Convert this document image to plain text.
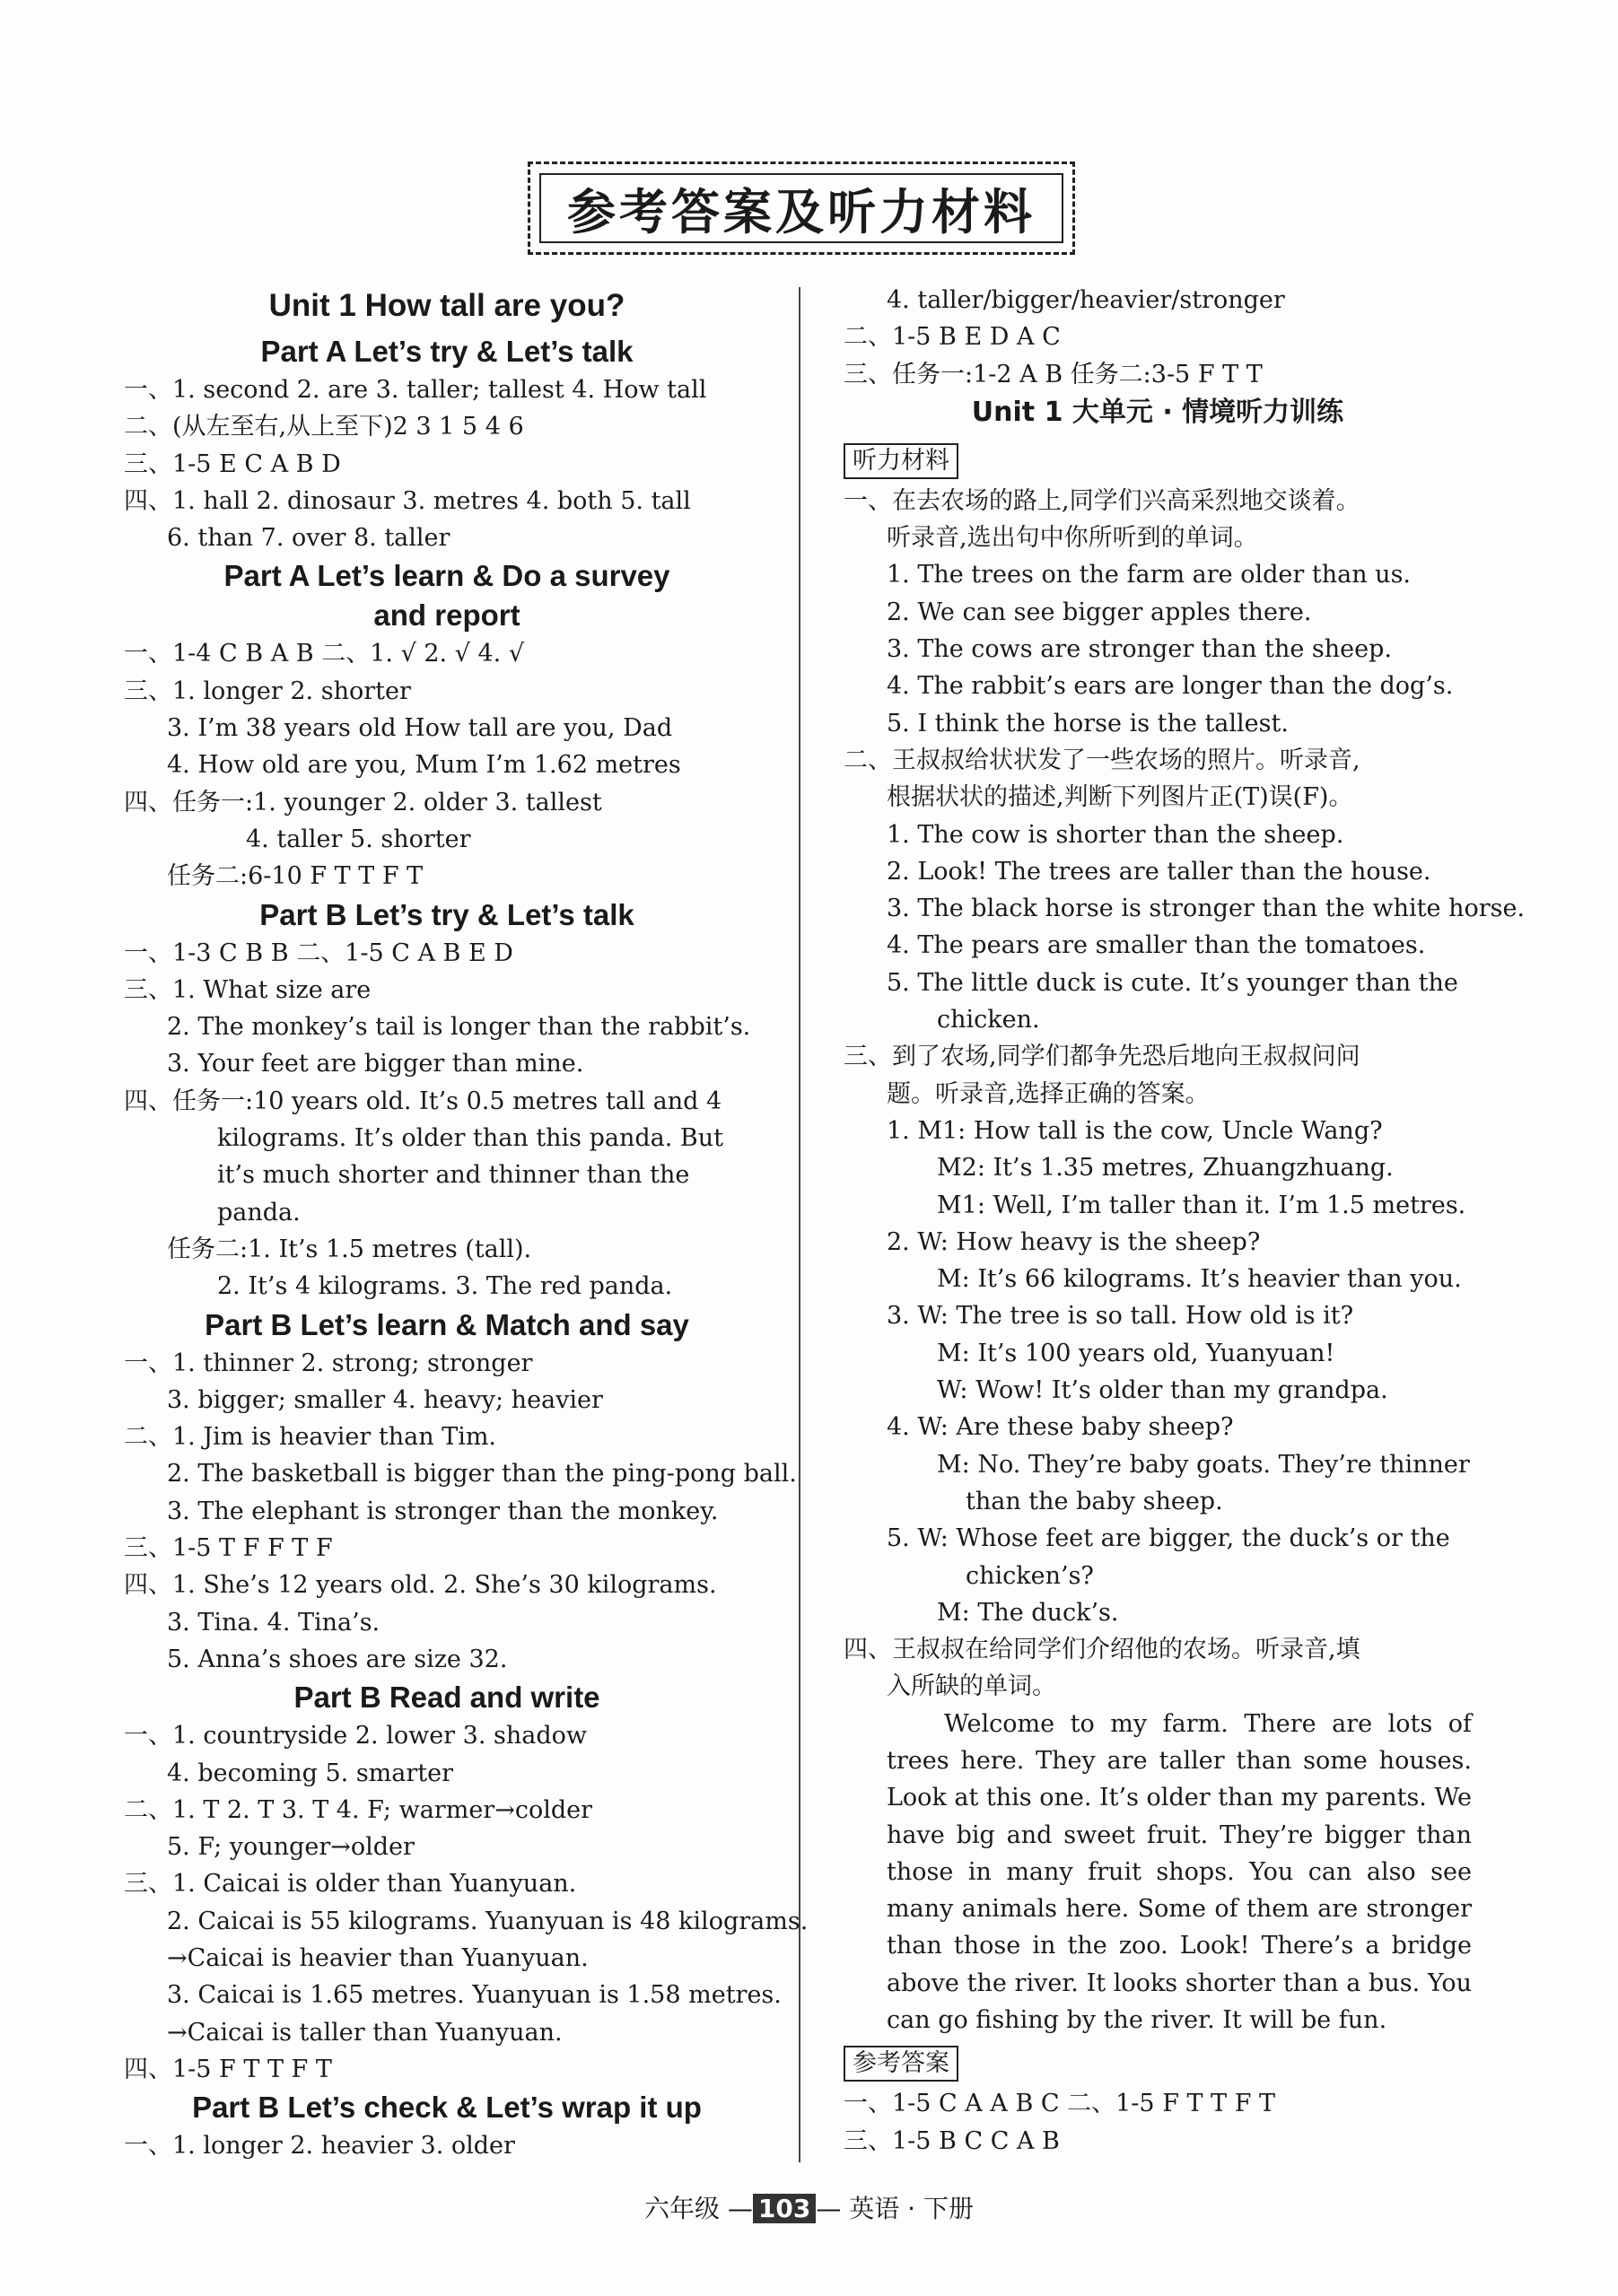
参考答案及听力材料
Unit 1 How tall are you?
Part A Let’s try & Let’s talk
一、1. second 2. are 3. taller; tallest 4. How tall
二、(从左至右,从上至下)2 3 1 5 4 6
三、1-5 E C A B D
四、1. hall 2. dinosaur 3. metres 4. both 5. tall
6. than 7. over 8. taller
Part A Let’s learn & Do a survey
and report
一、1-4 C B A B 二、1. √ 2. √ 4. √
三、1. longer 2. shorter
3. I’m 38 years old How tall are you, Dad
4. How old are you, Mum I’m 1.62 metres
四、任务一:1. younger 2. older 3. tallest
4. taller 5. shorter
任务二:6-10 F T T F T
Part B Let’s try & Let’s talk
一、1-3 C B B 二、1-5 C A B E D
三、1. What size are
2. The monkey’s tail is longer than the rabbit’s.
3. Your feet are bigger than mine.
四、任务一:10 years old. It’s 0.5 metres tall and 4
kilograms. It’s older than this panda. But
it’s much shorter and thinner than the
panda.
任务二:1. It’s 1.5 metres (tall).
2. It’s 4 kilograms. 3. The red panda.
Part B Let’s learn & Match and say
一、1. thinner 2. strong; stronger
3. bigger; smaller 4. heavy; heavier
二、1. Jim is heavier than Tim.
2. The basketball is bigger than the ping-pong ball.
3. The elephant is stronger than the monkey.
三、1-5 T F F T F
四、1. She’s 12 years old. 2. She’s 30 kilograms.
3. Tina. 4. Tina’s.
5. Anna’s shoes are size 32.
Part B Read and write
一、1. countryside 2. lower 3. shadow
4. becoming 5. smarter
二、1. T 2. T 3. T 4. F; warmer→colder
5. F; younger→older
三、1. Caicai is older than Yuanyuan.
2. Caicai is 55 kilograms. Yuanyuan is 48 kilograms.
→Caicai is heavier than Yuanyuan.
3. Caicai is 1.65 metres. Yuanyuan is 1.58 metres.
→Caicai is taller than Yuanyuan.
四、1-5 F T T F T
Part B Let’s check & Let’s wrap it up
一、1. longer 2. heavier 3. older
4. taller/bigger/heavier/stronger
二、1-5 B E D A C
三、任务一:1-2 A B 任务二:3-5 F T T
Unit 1 大单元 · 情境听力训练
听力材料
一、在去农场的路上,同学们兴高采烈地交谈着。
听录音,选出句中你所听到的单词。
1. The trees on the farm are older than us.
2. We can see bigger apples there.
3. The cows are stronger than the sheep.
4. The rabbit’s ears are longer than the dog’s.
5. I think the horse is the tallest.
二、王叔叔给状状发了一些农场的照片。听录音,
根据状状的描述,判断下列图片正(T)误(F)。
1. The cow is shorter than the sheep.
2. Look! The trees are taller than the house.
3. The black horse is stronger than the white horse.
4. The pears are smaller than the tomatoes.
5. The little duck is cute. It’s younger than the
chicken.
三、到了农场,同学们都争先恐后地向王叔叔问问
题。听录音,选择正确的答案。
1. M1: How tall is the cow, Uncle Wang?
M2: It’s 1.35 metres, Zhuangzhuang.
M1: Well, I’m taller than it. I’m 1.5 metres.
2. W: How heavy is the sheep?
M: It’s 66 kilograms. It’s heavier than you.
3. W: The tree is so tall. How old is it?
M: It’s 100 years old, Yuanyuan!
W: Wow! It’s older than my grandpa.
4. W: Are these baby sheep?
M: No. They’re baby goats. They’re thinner
than the baby sheep.
5. W: Whose feet are bigger, the duck’s or the
chicken’s?
M: The duck’s.
四、王叔叔在给同学们介绍他的农场。听录音,填
入所缺的单词。
Welcome to my farm. There are lots of trees here. They are taller than some houses. Look at this one. It’s older than my parents. We have big and sweet fruit. They’re bigger than those in many fruit shops. You can also see many animals here. Some of them are stronger than those in the zoo. Look! There’s a bridge above the river. It looks shorter than a bus. You can go fishing by the river. It will be fun.
参考答案
一、1-5 C A A B C 二、1-5 F T T F T
三、1-5 B C C A B
六年级 — 103 — 英语 · 下册
